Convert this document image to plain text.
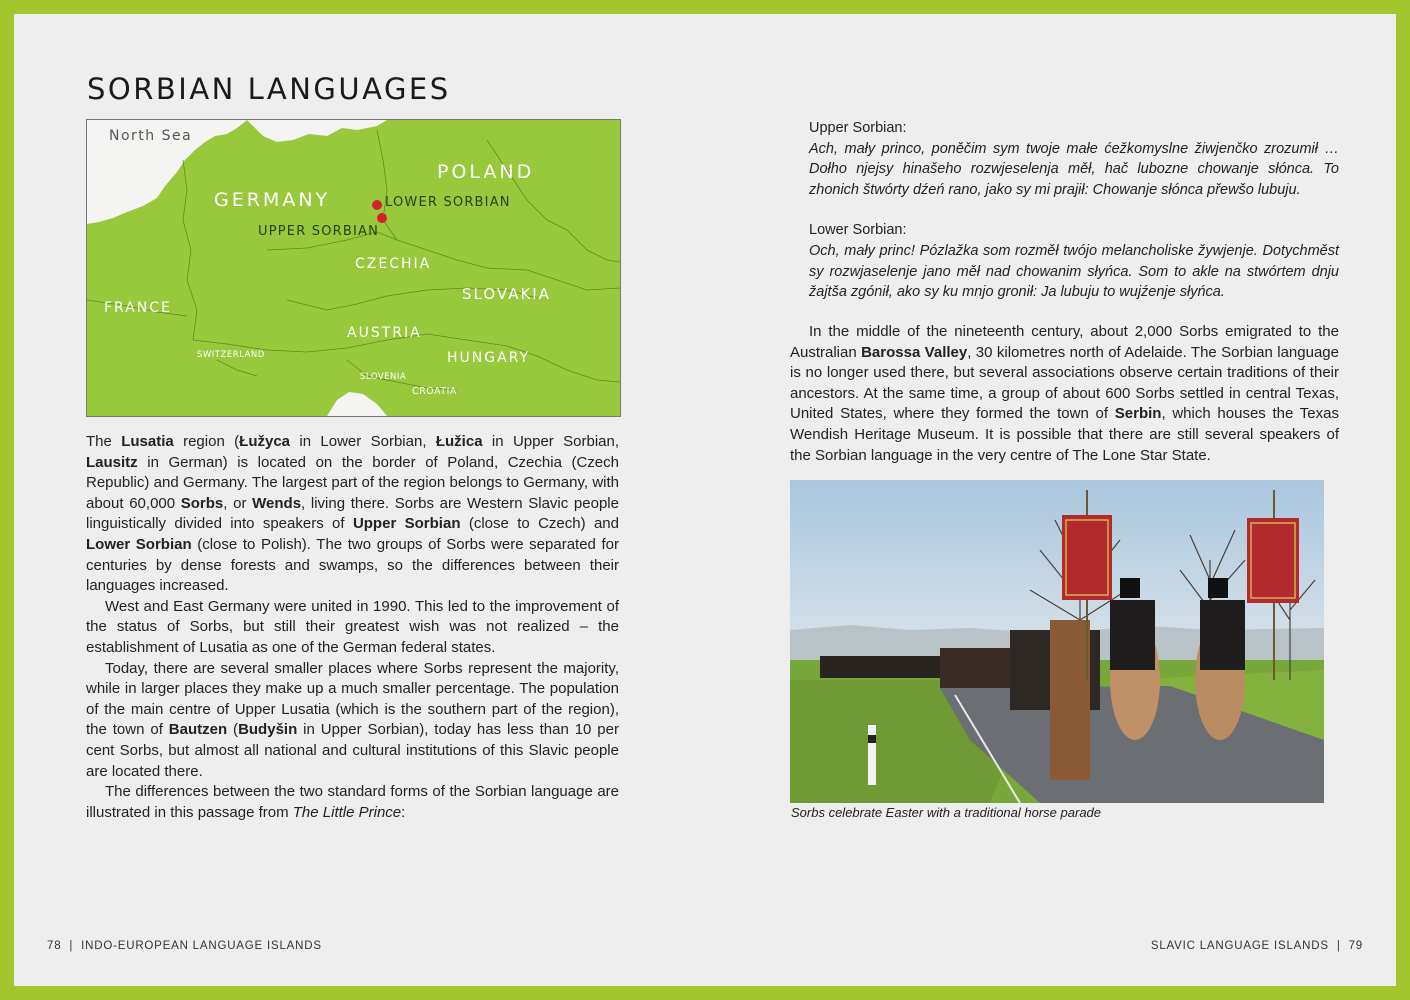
SORBIAN LANGUAGES
North Sea
POLAND
GERMANY	LOWER SORBIAN
UPPER SORBIAN
CZECHIA
SLOVAKIA
FRANCE
AUSTRIA
SWITZERLAND	HUNGARY
SLOVENIA
CROATIA

The Lusatia region (Łužyca in Lower Sorbian, Łužica in Upper Sorbian, Lausitz in German) is located on the border of Poland, Czechia (Czech Republic) and Germany. The largest part of the region belongs to Germany, with about 60,000 Sorbs, or Wends, living there. Sorbs are Western Slavic people linguistically divided into speakers of Upper Sorbian (close to Czech) and Lower Sorbian (close to Polish). The two groups of Sorbs were separated for centuries by dense forests and swamps, so the differences between their languages increased.

West and East Germany were united in 1990. This led to the improvement of the status of Sorbs, but still their greatest wish was not realized – the establishment of Lusatia as one of the German federal states.

Today, there are several smaller places where Sorbs represent the majority, while in larger places they make up a much smaller percentage. The population of the main centre of Upper Lusatia (which is the southern part of the region), the town of Bautzen (Budyšin in Upper Sorbian), today has less than 10 per cent Sorbs, but almost all national and cultural institutions of this Slavic people are located there.

The differences between the two standard forms of the Sorbian language are illustrated in this passage from The Little Prince:

78  |  INDO-EUROPEAN LANGUAGE ISLANDS

Upper Sorbian:

Ach, mały princo, poněčim sym twoje małe ćežkomyslne žiwjenčko zrozumił … Dołho njejsy hinašeho rozwjeselenja měł, hač lubozne chowanje słónca. To zhonich štwórty dźeń rano, jako sy mi prajił: Chowanje słónca přewšo lubuju.

Lower Sorbian:

Och, mały princ! Pózlažka som rozměł twójo melancholiske žywjenje. Dotychměst sy rozwjaselenje jano měł nad chowanim słyńca. Som to akle na stwórtem dnju žajtša zgónił, ako sy ku mnjo gronił: Ja lubuju to wujźenje słyńca.

In the middle of the nineteenth century, about 2,000 Sorbs emigrated to the Australian Barossa Valley, 30 kilometres north of Adelaide. The Sorbian language is no longer used there, but several associations observe certain traditions of their ancestors. At the same time, a group of about 600 Sorbs settled in central Texas, United States, where they formed the town of Serbin, which houses the Texas Wendish Heritage Museum. It is possible that there are still several speakers of the Sorbian language in the very centre of The Lone Star State.

Sorbs celebrate Easter with a traditional horse parade
SLAVIC LANGUAGE ISLANDS  |  79
